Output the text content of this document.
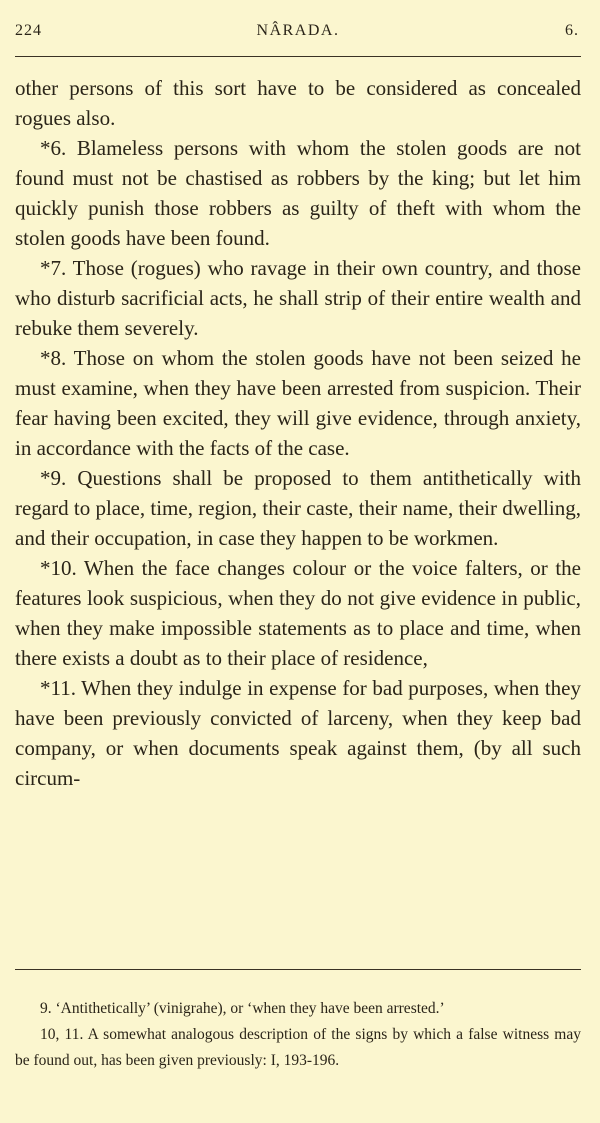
224	NÂRADA.	6.

other persons of this sort have to be considered as concealed rogues also.

*6. Blameless persons with whom the stolen goods are not found must not be chastised as robbers by the king; but let him quickly punish those robbers as guilty of theft with whom the stolen goods have been found.

*7. Those (rogues) who ravage in their own country, and those who disturb sacrificial acts, he shall strip of their entire wealth and rebuke them severely.

*8. Those on whom the stolen goods have not been seized he must examine, when they have been arrested from suspicion. Their fear having been excited, they will give evidence, through anxiety, in accordance with the facts of the case.

*9. Questions shall be proposed to them antithetically with regard to place, time, region, their caste, their name, their dwelling, and their occupation, in case they happen to be workmen.

*10. When the face changes colour or the voice falters, or the features look suspicious, when they do not give evidence in public, when they make impossible statements as to place and time, when there exists a doubt as to their place of residence,

*11. When they indulge in expense for bad purposes, when they have been previously convicted of larceny, when they keep bad company, or when documents speak against them, (by all such circum-

9. ‘Antithetically’ (vinigrahe), or ‘when they have been arrested.’

10, 11. A somewhat analogous description of the signs by which a false witness may be found out, has been given previously: I, 193-196.
